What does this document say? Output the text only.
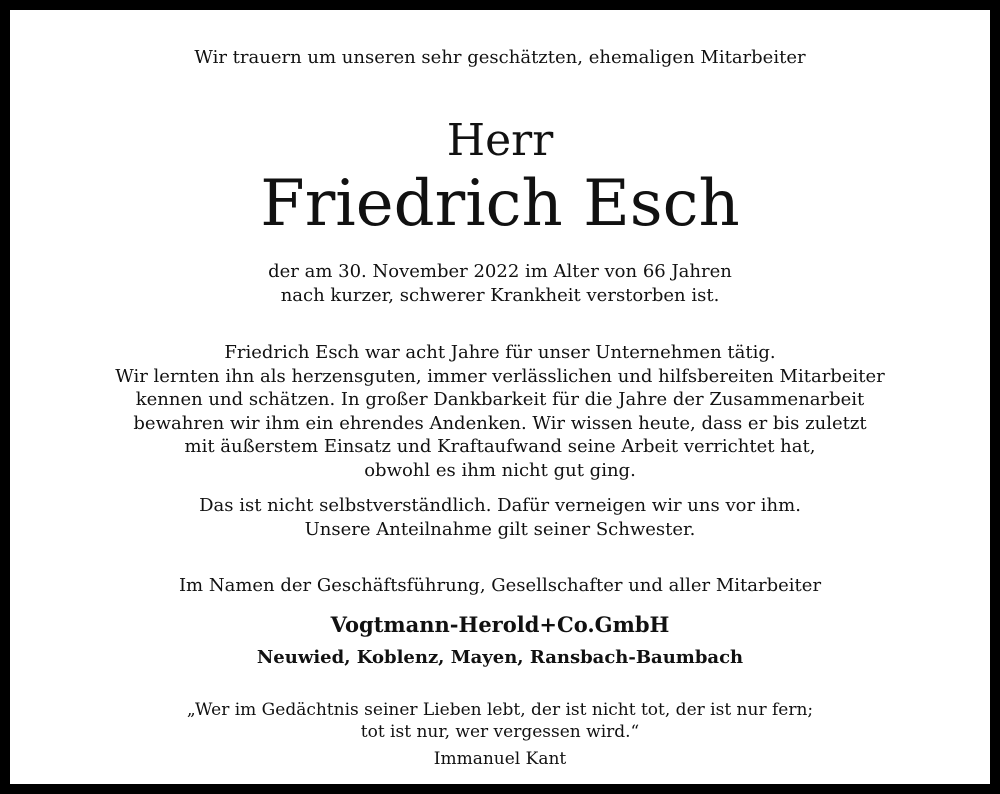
Wir trauern um unseren sehr geschätzten, ehemaligen Mitarbeiter

Herr

Friedrich Esch

der am 30. November 2022 im Alter von 66 Jahren
nach kurzer, schwerer Krankheit verstorben ist.
Friedrich Esch war acht Jahre für unser Unternehmen tätig.
Wir lernten ihn als herzensguten, immer verlässlichen und hilfsbereiten Mitarbeiter
kennen und schätzen. In großer Dankbarkeit für die Jahre der Zusammenarbeit
bewahren wir ihm ein ehrendes Andenken. Wir wissen heute, dass er bis zuletzt
mit äußerstem Einsatz und Kraftaufwand seine Arbeit verrichtet hat,
obwohl es ihm nicht gut ging.
Das ist nicht selbstverständlich. Dafür verneigen wir uns vor ihm.
Unsere Anteilnahme gilt seiner Schwester.

Im Namen der Geschäftsführung, Gesellschafter und aller Mitarbeiter

Vogtmann-Herold+Co.GmbH

Neuwied, Koblenz, Mayen, Ransbach-Baumbach

„Wer im Gedächtnis seiner Lieben lebt, der ist nicht tot, der ist nur fern;
tot ist nur, wer vergessen wird.“

Immanuel Kant
